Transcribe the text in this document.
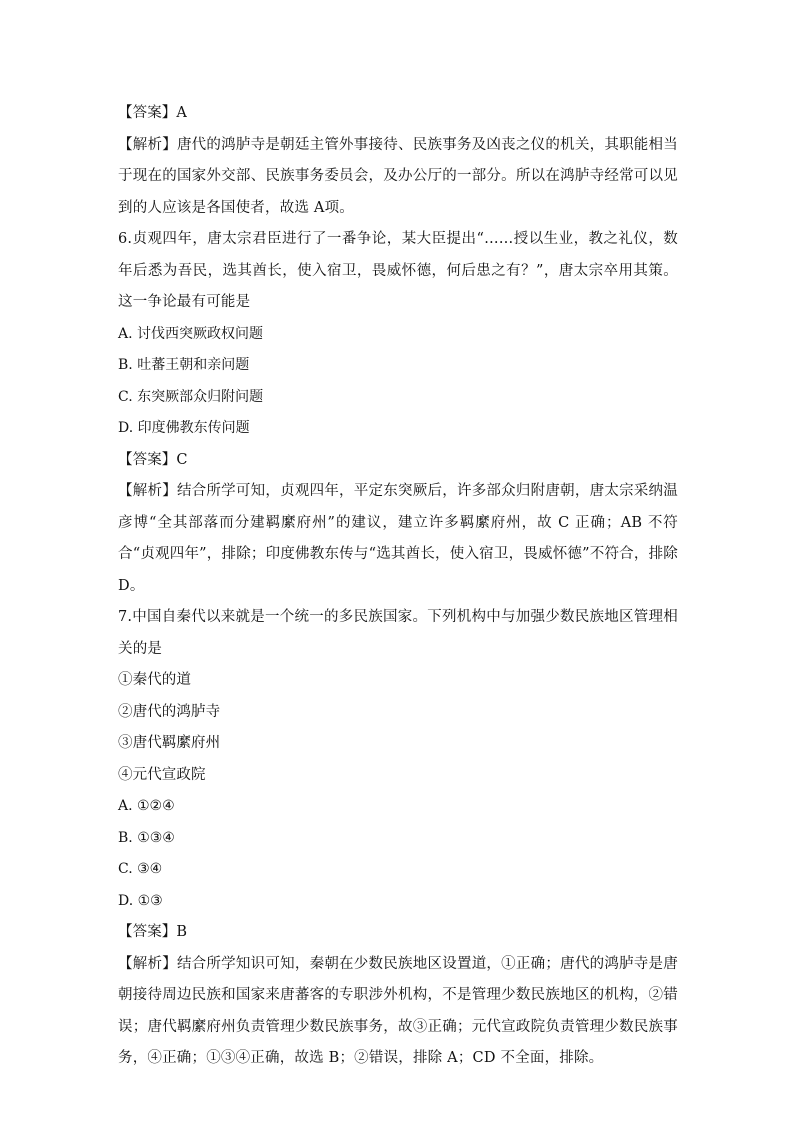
【答案】A
【解析】唐代的鸿胪寺是朝廷主管外事接待、民族事务及凶丧之仪的机关，其职能相当于现在的国家外交部、民族事务委员会，及办公厅的一部分。所以在鸿胪寺经常可以见到的人应该是各国使者，故选 A项。
6.贞观四年，唐太宗君臣进行了一番争论，某大臣提出“……授以生业，教之礼仪，数年后悉为吾民，选其酋长，使入宿卫，畏威怀德，何后患之有？”，唐太宗卒用其策。这一争论最有可能是
A. 讨伐西突厥政权问题
B. 吐蕃王朝和亲问题
C. 东突厥部众归附问题
D. 印度佛教东传问题
【答案】C
【解析】结合所学可知，贞观四年，平定东突厥后，许多部众归附唐朝，唐太宗采纳温彦博“全其部落而分建羁縻府州”的建议，建立许多羁縻府州，故 C 正确；AB 不符合“贞观四年”，排除；印度佛教东传与“选其酋长，使入宿卫，畏威怀德”不符合，排除 D。
7.中国自秦代以来就是一个统一的多民族国家。下列机构中与加强少数民族地区管理相关的是
①秦代的道
②唐代的鸿胪寺
③唐代羁縻府州
④元代宣政院
A. ①②④
B. ①③④
C. ③④
D. ①③
【答案】B
【解析】结合所学知识可知，秦朝在少数民族地区设置道，①正确；唐代的鸿胪寺是唐朝接待周边民族和国家来唐蕃客的专职涉外机构，不是管理少数民族地区的机构，②错误；唐代羁縻府州负责管理少数民族事务，故③正确；元代宣政院负责管理少数民族事务，④正确；①③④正确，故选 B；②错误，排除 A；CD 不全面，排除。
